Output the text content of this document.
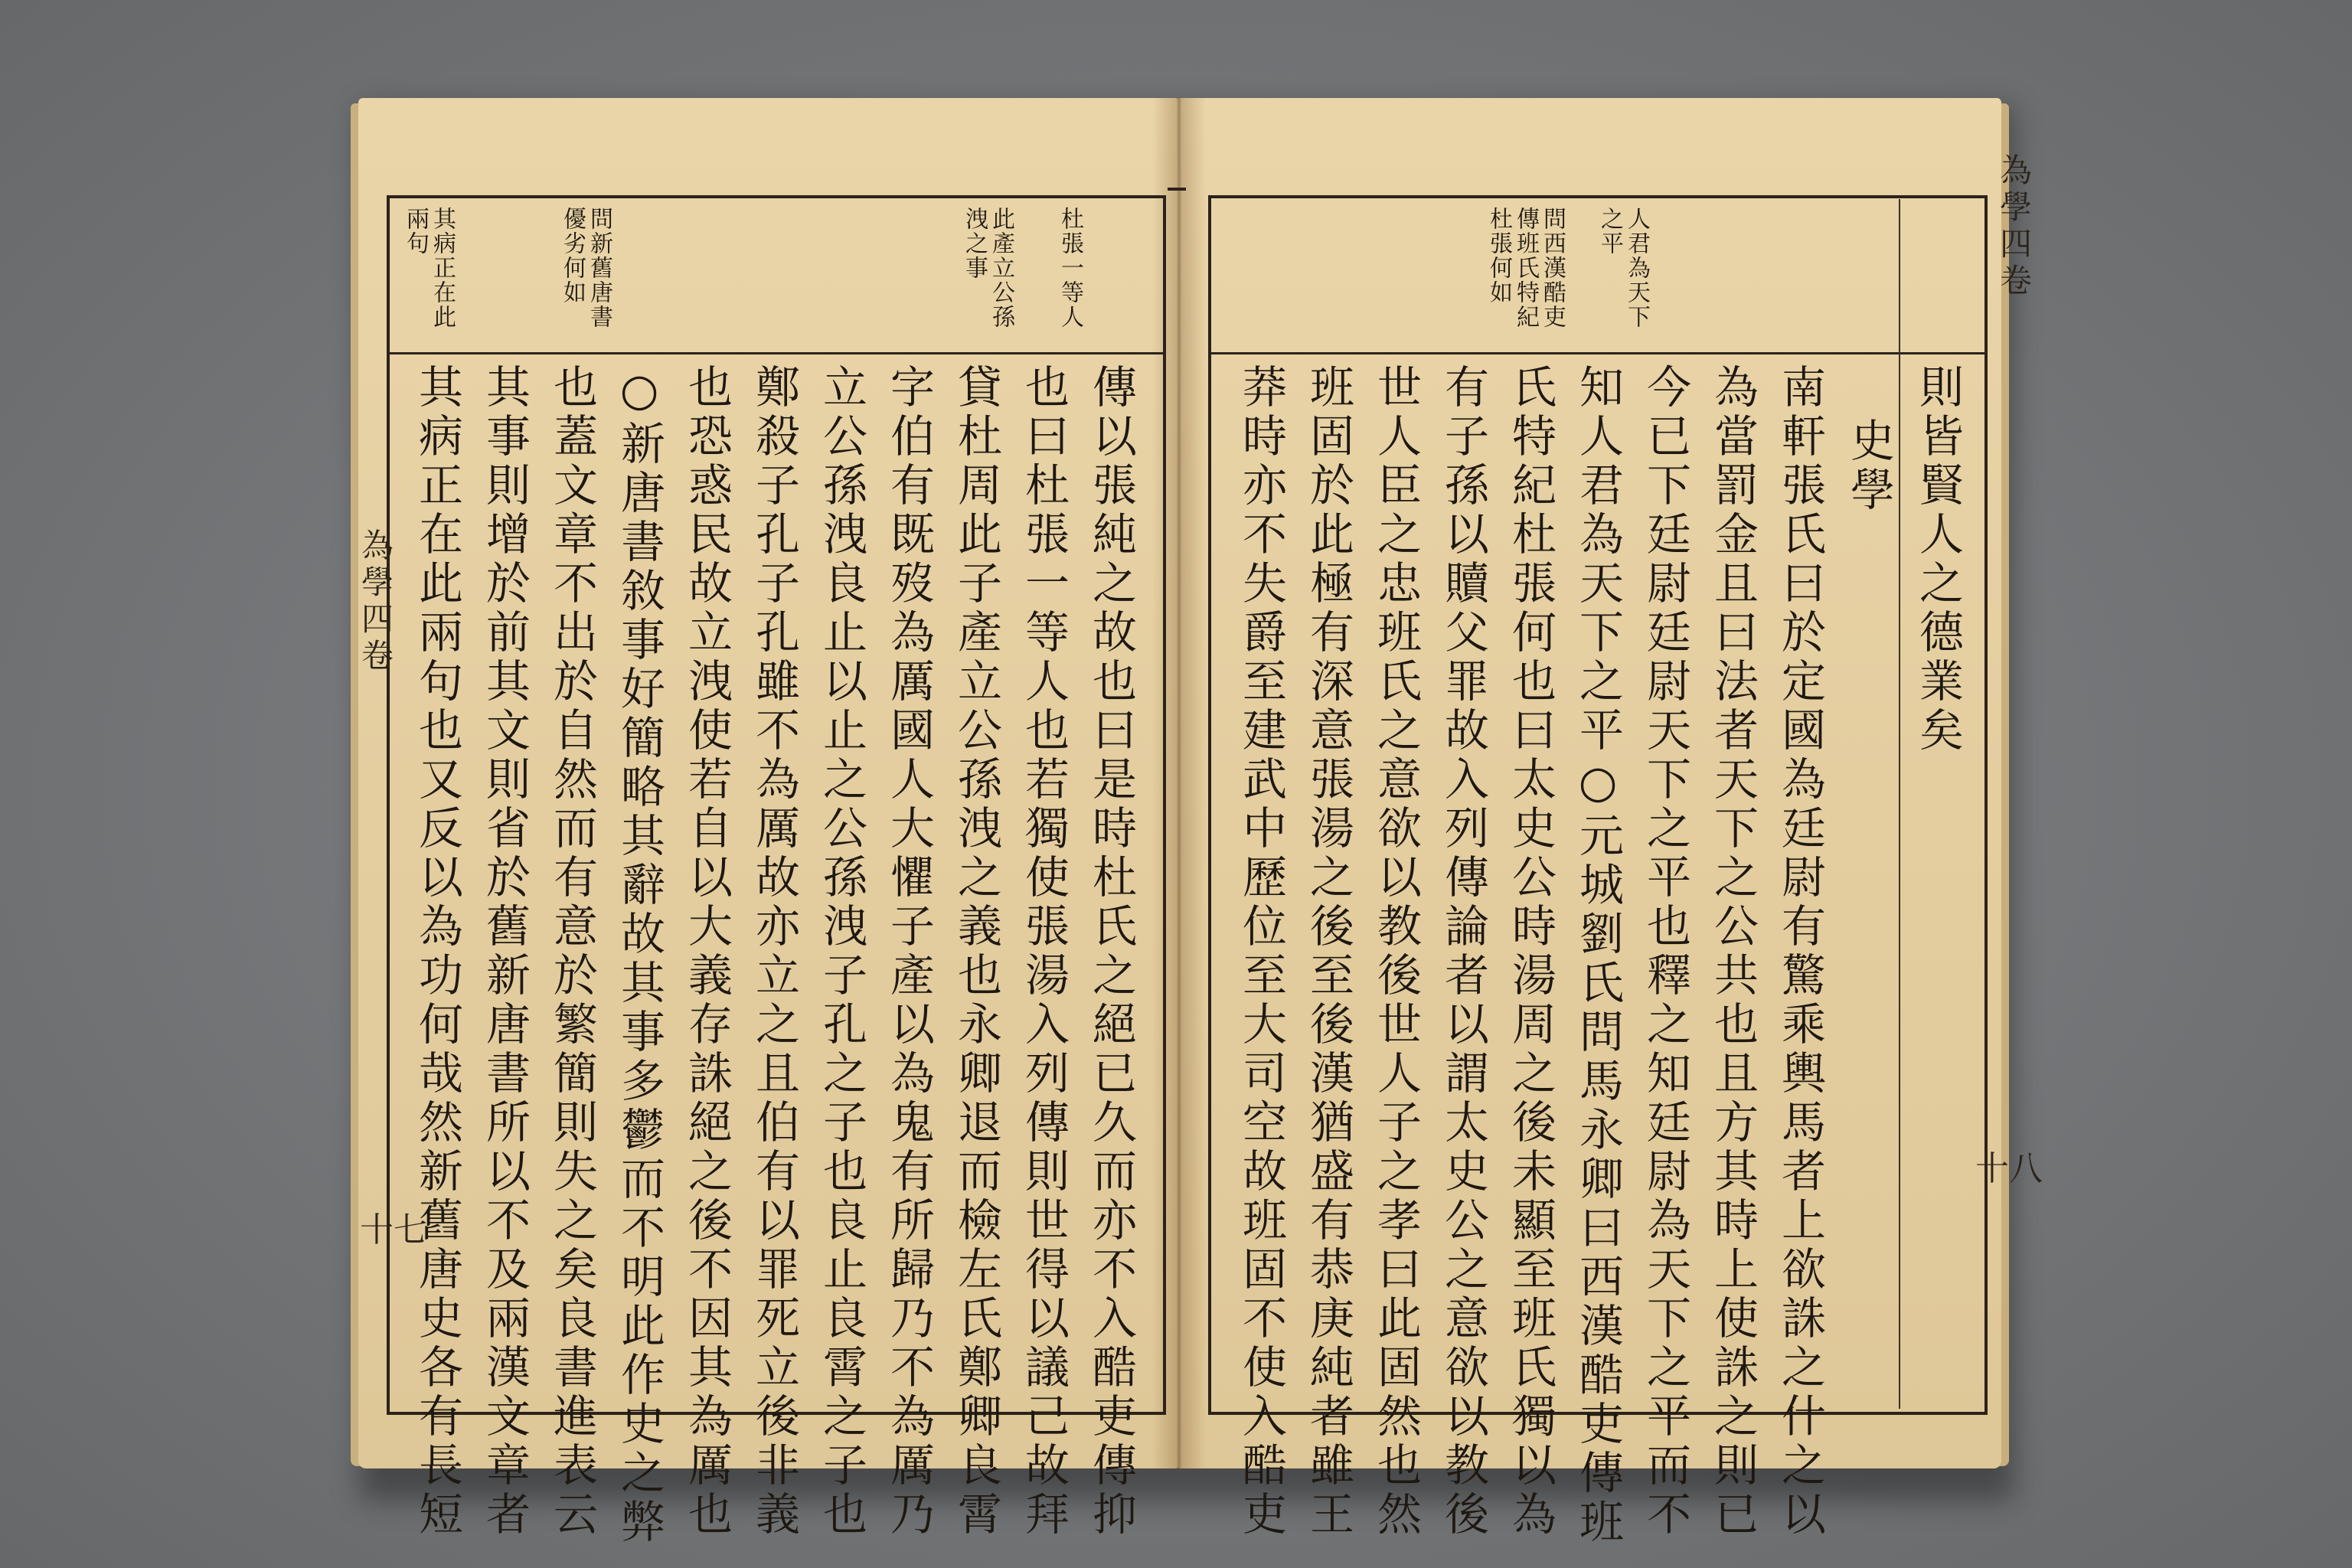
杜張一等人
此產立公孫
洩之事
問新舊唐書
優劣何如
其病正在此
兩句
傳以張純之故也曰是時杜氏之絕已久而亦不入酷吏傳抑
也曰杜張一等人也若獨使張湯入列傳則世得以議己故拜
貸杜周此子產立公孫洩之義也永卿退而檢左氏鄭卿良霄
字伯有既歿為厲國人大懼子產以為鬼有所歸乃不為厲乃
立公孫洩良止以止之公孫洩子孔之子也良止良霄之子也
鄭殺子孔子孔雖不為厲故亦立之且伯有以罪死立後非義
也恐惑民故立洩使若自以大義存誅絕之後不因其為厲也
○新唐書敘事好簡略其辭故其事多鬱而不明此作史之弊
也蓋文章不出於自然而有意於繁簡則失之矣良書進表云
其事則增於前其文則省於舊新唐書所以不及兩漢文章者
其病正在此兩句也又反以為功何哉然新舊唐史各有長短
為學四卷
十七
人君為天下
之平
問西漢酷吏
傳班氏特紀
杜張何如
則皆賢人之德業矣
史學
南軒張氏曰於定國為廷尉有驚乘輿馬者上欲誅之什之以
為當罰金且曰法者天下之公共也且方其時上使誅之則已
今已下廷尉廷尉天下之平也釋之知廷尉為天下之平而不
知人君為天下之平○元城劉氏問馬永卿曰西漢酷吏傳班
氏特紀杜張何也曰太史公時湯周之後未顯至班氏獨以為
有子孫以贖父罪故入列傳論者以謂太史公之意欲以教後
世人臣之忠班氏之意欲以教後世人子之孝曰此固然也然
班固於此極有深意張湯之後至後漢猶盛有恭庚純者雖王
莽時亦不失爵至建武中歷位至大司空故班固不使入酷吏
為學四卷
十八
